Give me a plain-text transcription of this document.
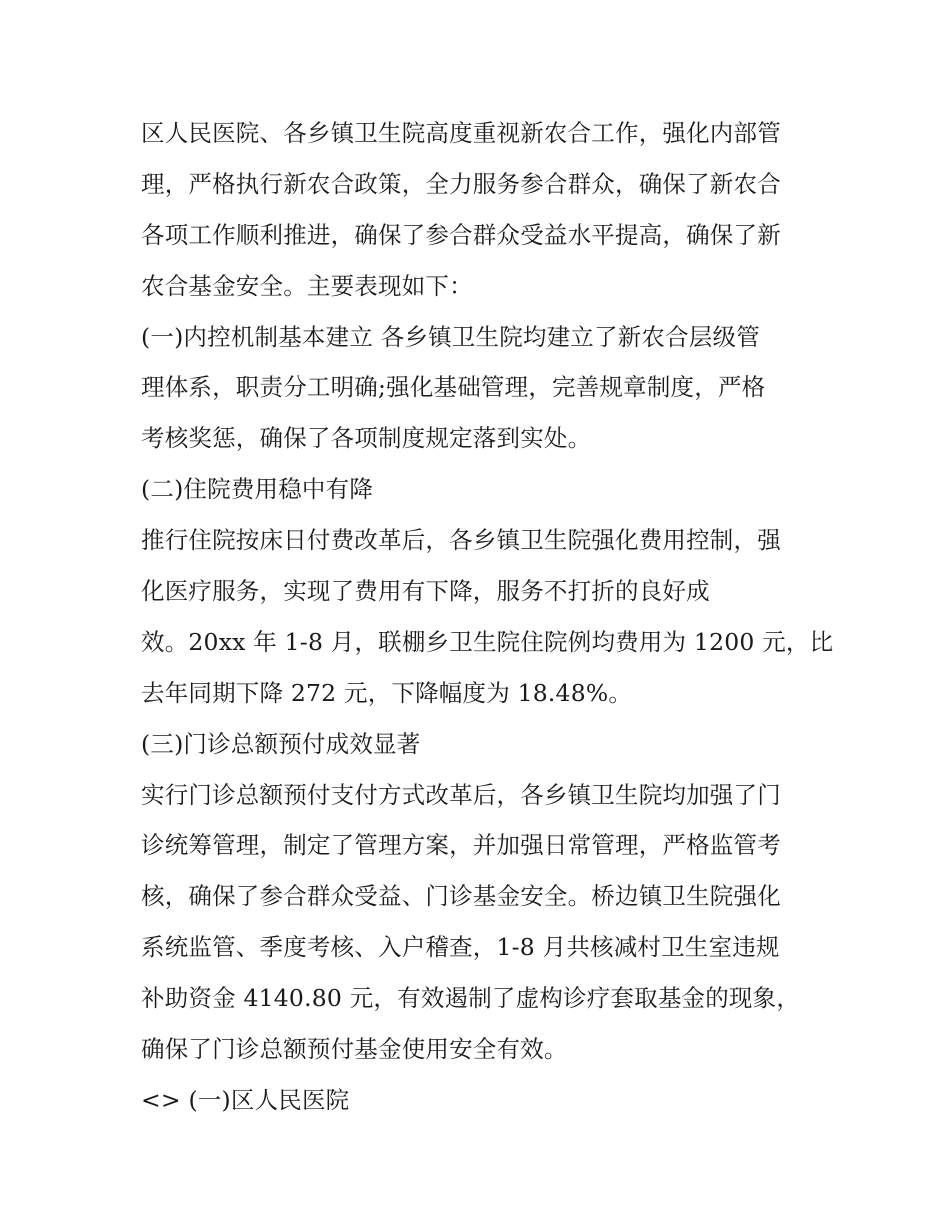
区人民医院、各乡镇卫生院高度重视新农合工作，强化内部管
理，严格执行新农合政策，全力服务参合群众，确保了新农合
各项工作顺利推进，确保了参合群众受益水平提高，确保了新
农合基金安全。主要表现如下：
(一)内控机制基本建立 各乡镇卫生院均建立了新农合层级管
理体系，职责分工明确;强化基础管理，完善规章制度，严格
考核奖惩，确保了各项制度规定落到实处。
(二)住院费用稳中有降
推行住院按床日付费改革后，各乡镇卫生院强化费用控制，强
化医疗服务，实现了费用有下降，服务不打折的良好成
效。20xx 年 1-8 月，联棚乡卫生院住院例均费用为 1200 元，比
去年同期下降 272 元，下降幅度为 18.48%。
(三)门诊总额预付成效显著
实行门诊总额预付支付方式改革后，各乡镇卫生院均加强了门
诊统筹管理，制定了管理方案，并加强日常管理，严格监管考
核，确保了参合群众受益、门诊基金安全。桥边镇卫生院强化
系统监管、季度考核、入户稽查，1-8 月共核减村卫生室违规
补助资金 4140.80 元，有效遏制了虚构诊疗套取基金的现象，
确保了门诊总额预付基金使用安全有效。
<> (一)区人民医院
